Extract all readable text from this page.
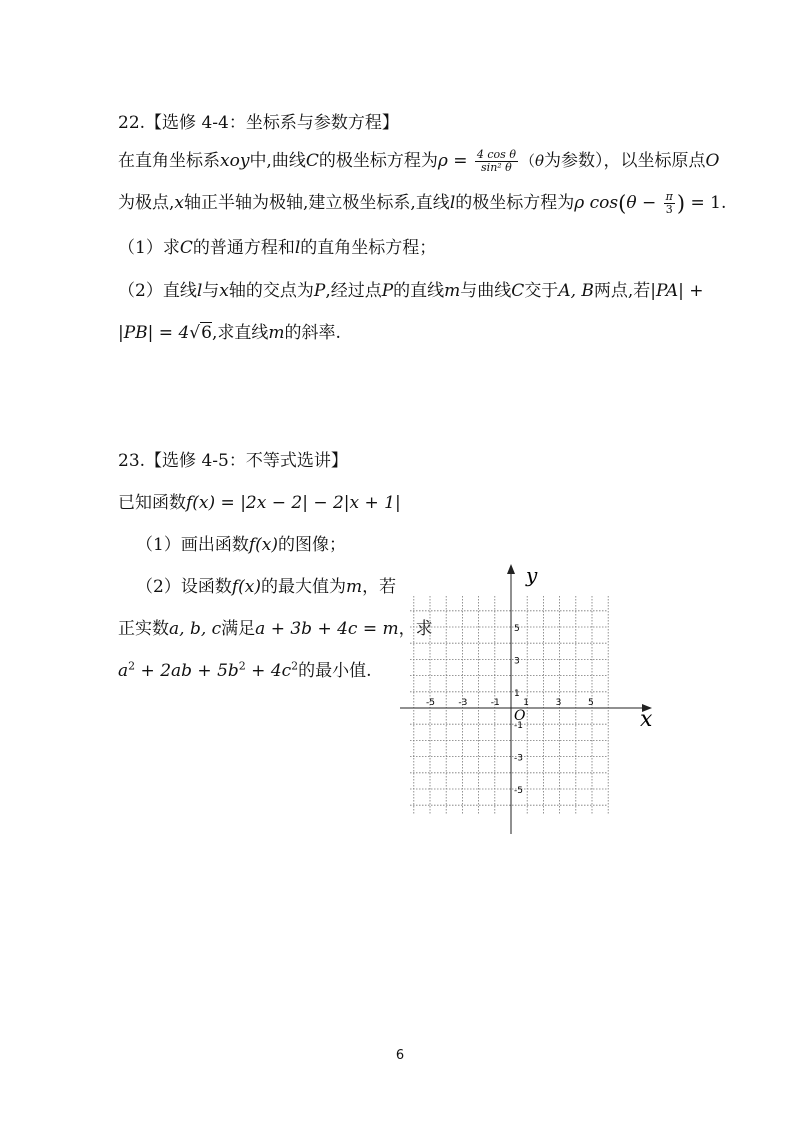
22.【选修 4-4：坐标系与参数方程】
在直角坐标系xoy中,曲线C的极坐标方程为$\rho = \frac{\text{4 cos θ}}{\text{sin² θ}} (\theta$为参数），以坐标原点O
为极点,x轴正半轴为极轴,建立极坐标系,直线l的极坐标方程为ρ $\cos(\theta - \frac{\pi}{3}$ ) = 1.
（1）求C的普通方程和l的直角坐标方程；
（2）直线l与x轴的交点为P,经过点P的直线m与曲线C交于A, B两点,若|PA| +
|PB| = 4√6,求直线m的斜率.
23.【选修 4-5：不等式选讲】
已知函数f(x) = |2x − 2| − 2|x + 1|
（1）画出函数f(x)的图像；
（2）设函数f(x)的最大值为m，若
正实数a, b, c满足a + 3b + 4c = m，求
$a^2 + 2ab + 5b^2 + 4c^2$的最小值.
x
y
O
-5	-3	-1	1	3	5
5
3
1
-1
-3
-5
6
